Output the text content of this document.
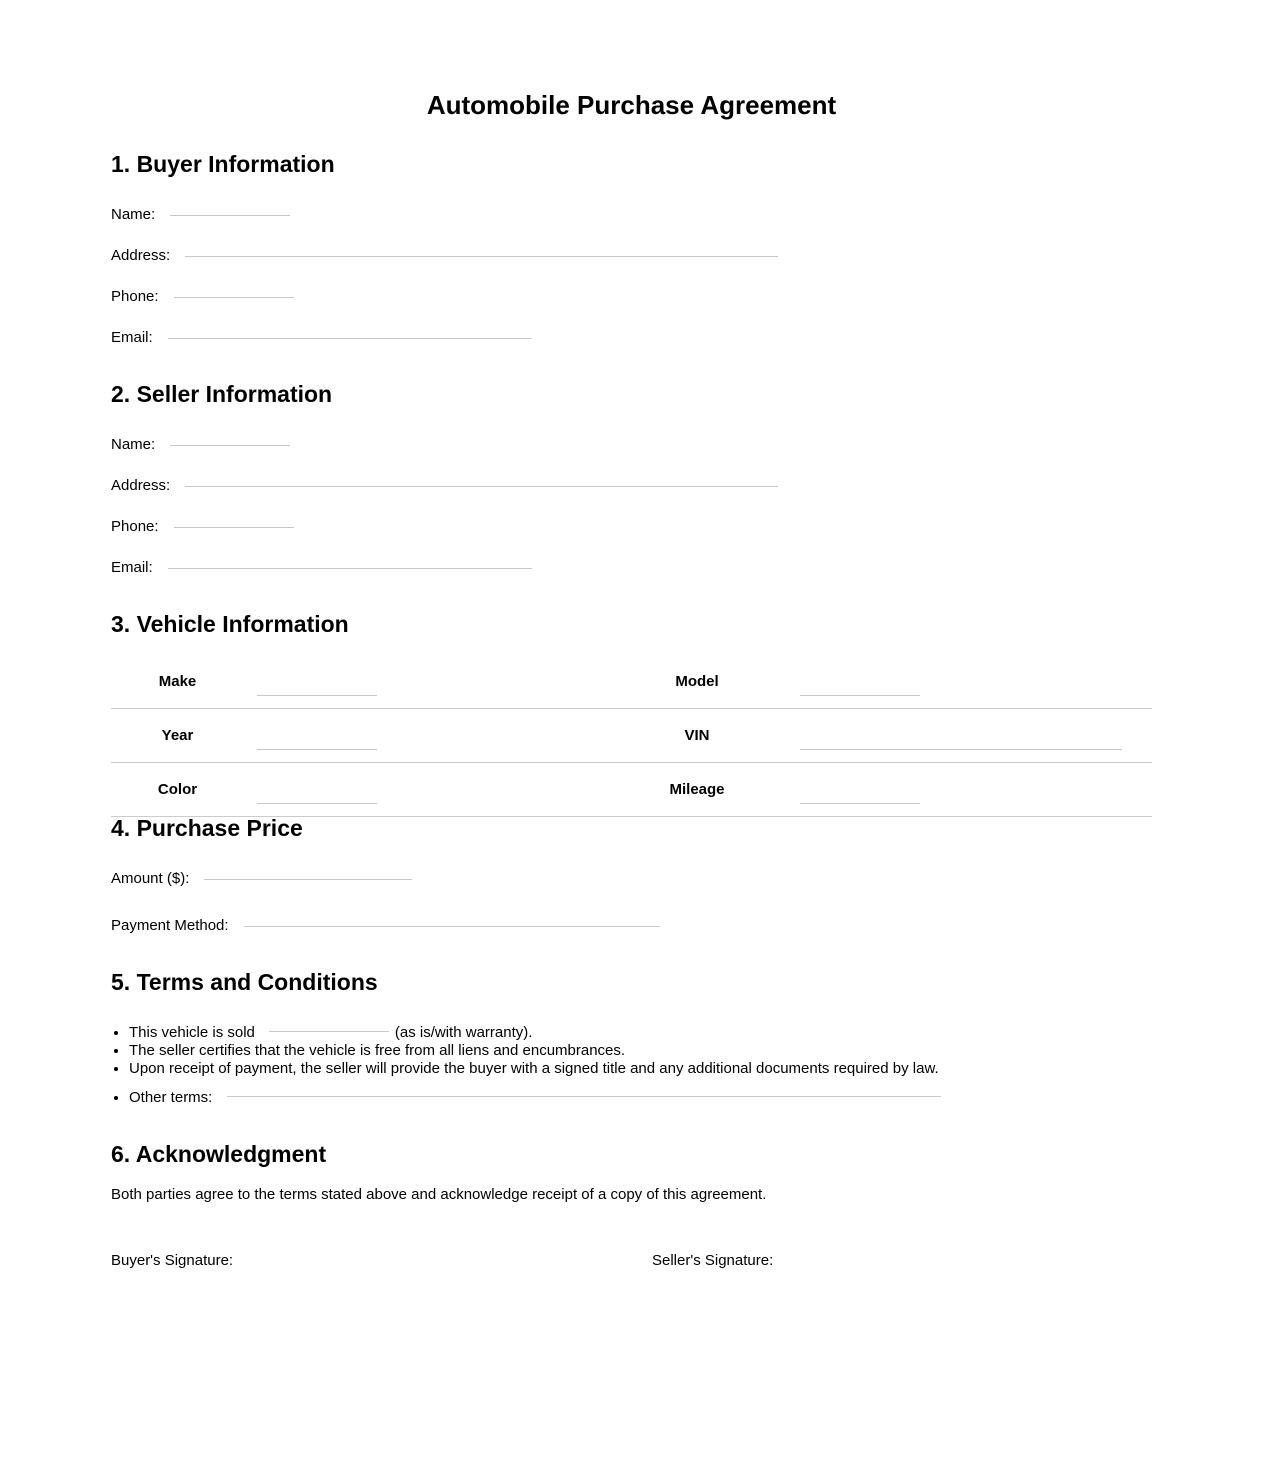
Automobile Purchase Agreement
1. Buyer Information
Name:
Address:
Phone:
Email:
2. Seller Information
Name:
Address:
Phone:
Email:
3. Vehicle Information
Make		Model	

Year		VIN	

Color		Mileage	
4. Purchase Price
Amount ($):
Payment Method:
5. Terms and Conditions
• This vehicle is sold	(as is/with warranty).
• The seller certifies that the vehicle is free from all liens and encumbrances.
• Upon receipt of payment, the seller will provide the buyer with a signed title and any additional documents required by law.
• Other terms:
6. Acknowledgment

Both parties agree to the terms stated above and acknowledge receipt of a copy of this agreement.

Buyer's Signature:	Seller's Signature:
